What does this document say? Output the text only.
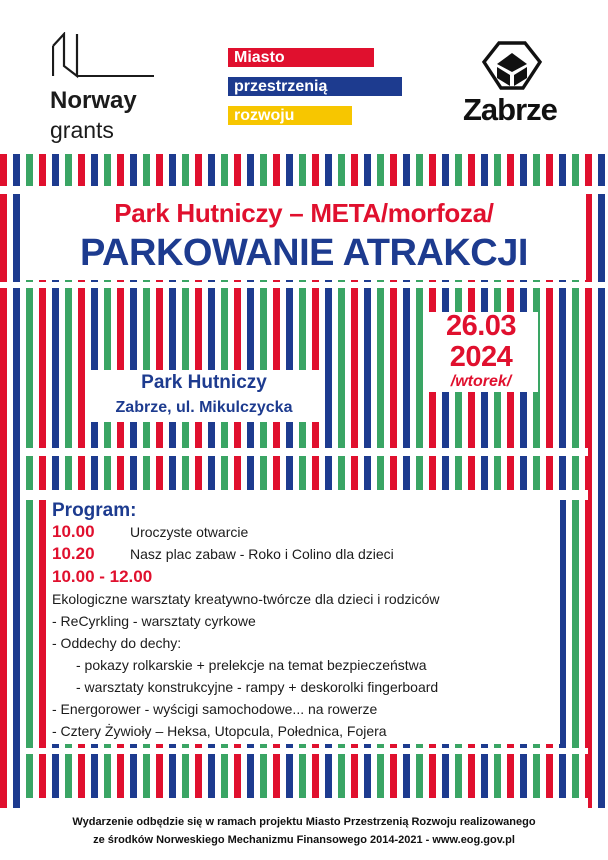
Norway
grants
Miasto
przestrzenią
rozwoju	Zabrze
Park Hutniczy – META/morfoza/
PARKOWANIE ATRAKCJI
26.03
2024
/wtorek/
Park Hutniczy
Zabrze, ul. Mikulczycka
Program:
10.00	Uroczyste otwarcie
10.20	Nasz plac zabaw - Roko i Colino dla dzieci
10.00 - 12.00
Ekologiczne warsztaty kreatywno-twórcze dla dzieci i rodziców
- ReCyrkling - warsztaty cyrkowe
- Oddechy do dechy:
- pokazy rolkarskie + prelekcje na temat bezpieczeństwa
- warsztaty konstrukcyjne - rampy + deskorolki fingerboard
- Energorower - wyścigi samochodowe... na rowerze
- Cztery Żywioły – Heksa, Utopcula, Połednica, Fojera
Wydarzenie odbędzie się w ramach projektu Miasto Przestrzenią Rozwoju realizowanego
ze środków Norweskiego Mechanizmu Finansowego 2014-2021 - www.eog.gov.pl
